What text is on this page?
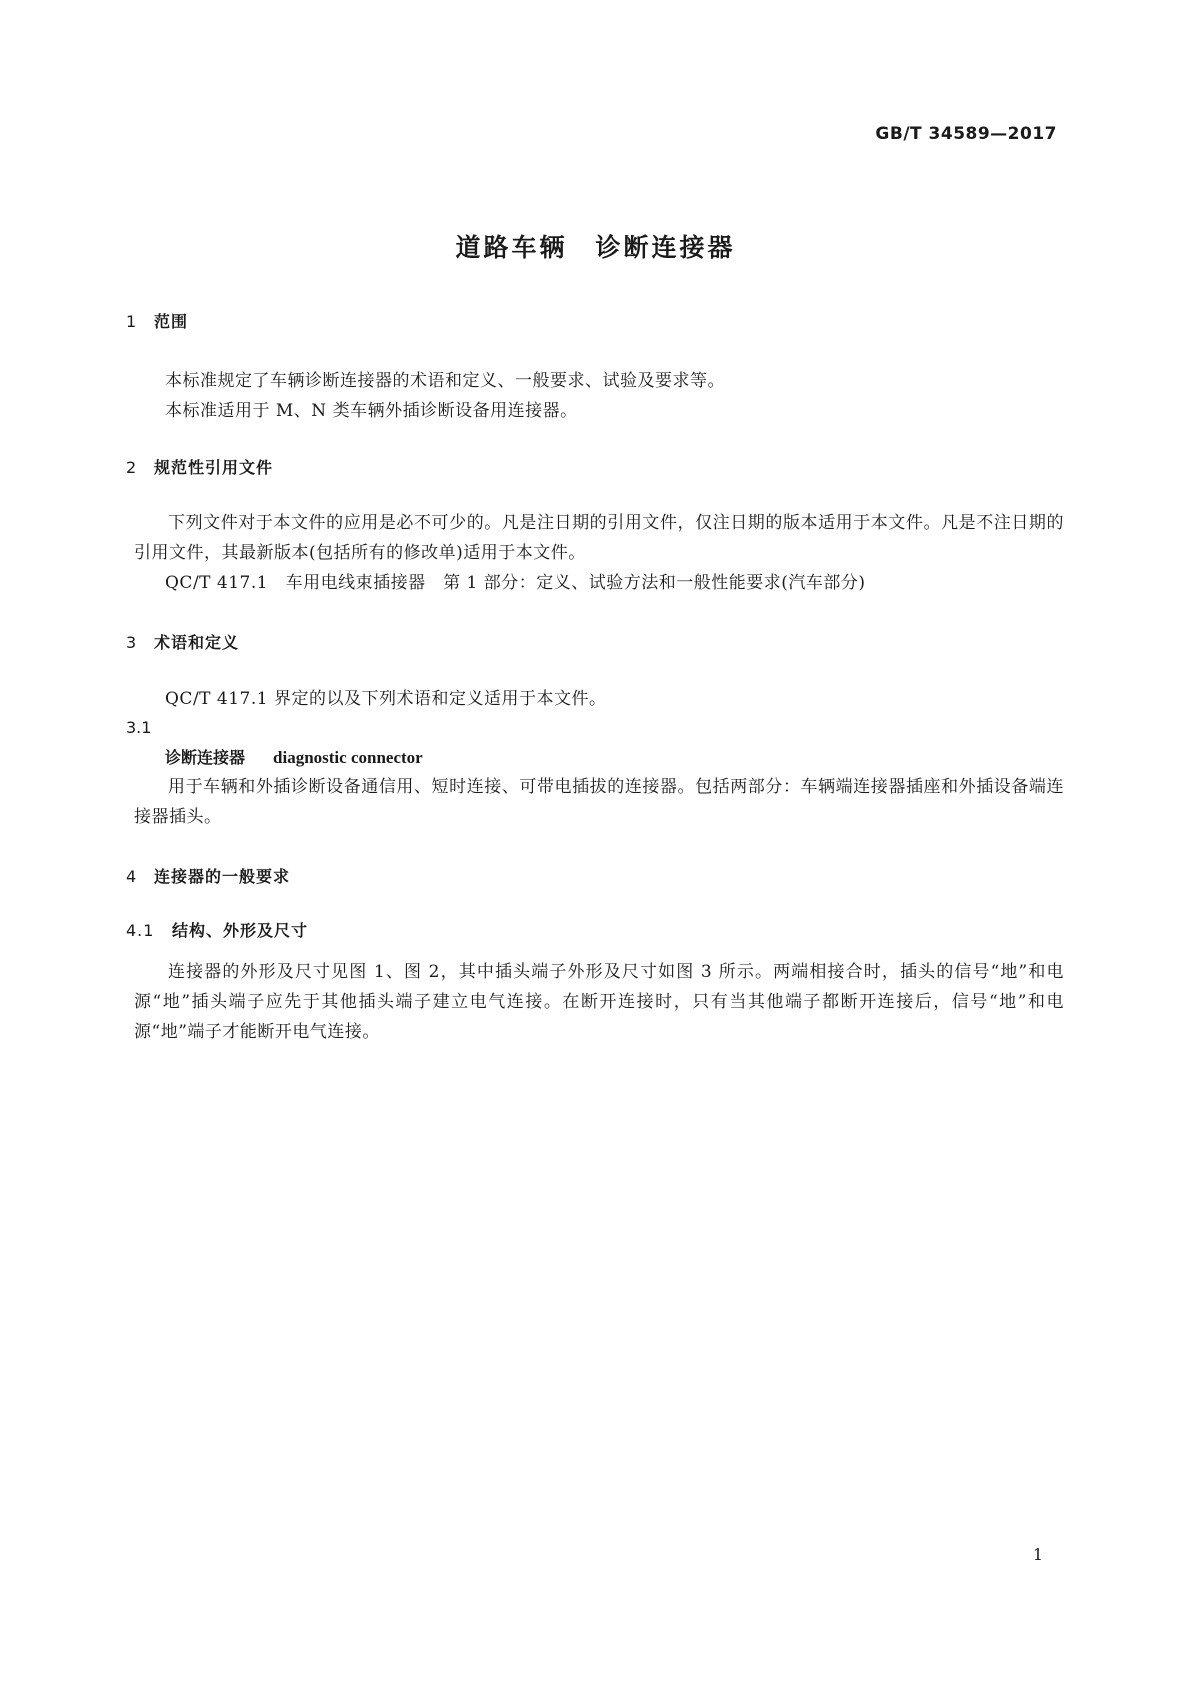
GB/T 34589—2017
道路车辆　诊断连接器
1 范围
本标准规定了车辆诊断连接器的术语和定义、一般要求、试验及要求等。
本标准适用于 M、N 类车辆外插诊断设备用连接器。
2 规范性引用文件

下列文件对于本文件的应用是必不可少的。凡是注日期的引用文件，仅注日期的版本适用于本文件。凡是不注日期的引用文件，其最新版本(包括所有的修改单)适用于本文件。

QC/T 417.1　车用电线束插接器　第 1 部分：定义、试验方法和一般性能要求(汽车部分)
3 术语和定义
QC/T 417.1 界定的以及下列术语和定义适用于本文件。
3.1
诊断连接器 diagnostic connector

用于车辆和外插诊断设备通信用、短时连接、可带电插拔的连接器。包括两部分：车辆端连接器插座和外插设备端连接器插头。

4 连接器的一般要求
4.1 结构、外形及尺寸

连接器的外形及尺寸见图 1、图 2，其中插头端子外形及尺寸如图 3 所示。两端相接合时，插头的信号“地”和电源“地”插头端子应先于其他插头端子建立电气连接。在断开连接时，只有当其他端子都断开连接后，信号“地”和电源“地”端子才能断开电气连接。

1
